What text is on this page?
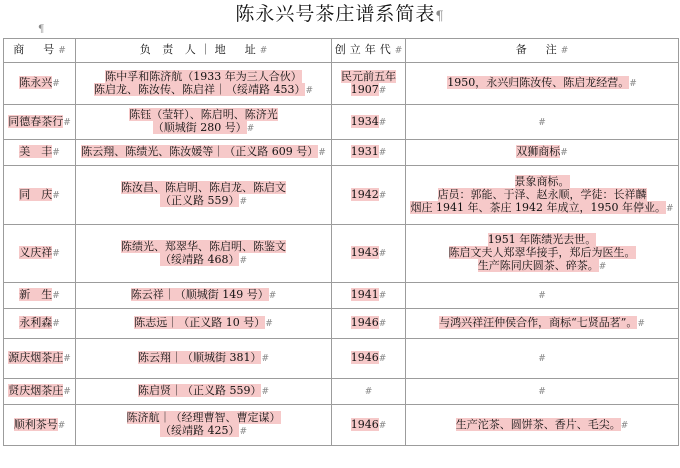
陈永兴号茶庄谱系简表¶
¶
商　号#	负 责 人｜地　址#	创立年代#	备　注#

陈永兴#	陈中孚和陈济航（1933 年为三人合伙）
陈启龙、陈汝传、陈启祥｜（绥靖路 453）#	民元前五年
1907#	1950，永兴归陈汝传、陈启龙经营。#

同德春茶行#	陈钰（莹轩）、陈启明、陈济光
（顺城街 280 号）#	1934#	#

美　丰#	陈云翔、陈绩光、陈汝媛等｜（正义路 609 号）#	1931#	双狮商标#

同　庆#	陈汝昌、陈启明、陈启龙、陈启文
（正义路 559）#	1942#	景象商标。
店员：郭能、于泽、赵永顺，学徒：长祥麟
烟庄 1941 年、茶庄 1942 年成立，1950 年停业。#

义庆祥#	陈绩光、郑翠华、陈启明、陈鉴文
（绥靖路 468）#	1943#	1951 年陈绩光去世。
陈启文夫人郑翠华接手，郑后为医生。
生产陈同庆圆茶、碎茶。#

新　生#	陈云祥｜（顺城街 149 号）#	1941#	#

永利森#	陈志远｜（正义路 10 号）#	1946#	与鸿兴祥汪仲侯合作，商标“七贤品茗”。#

源庆烟茶庄#	陈云翔｜（顺城街 381）#	1946#	#

贤庆烟茶庄#	陈启贤｜（正义路 559）#	#	#

顺利茶号#	陈济航｜（经理曹智、曹定谋）
（绥靖路 425）#	1946#	生产沱茶、圆饼茶、香片、毛尖。#
